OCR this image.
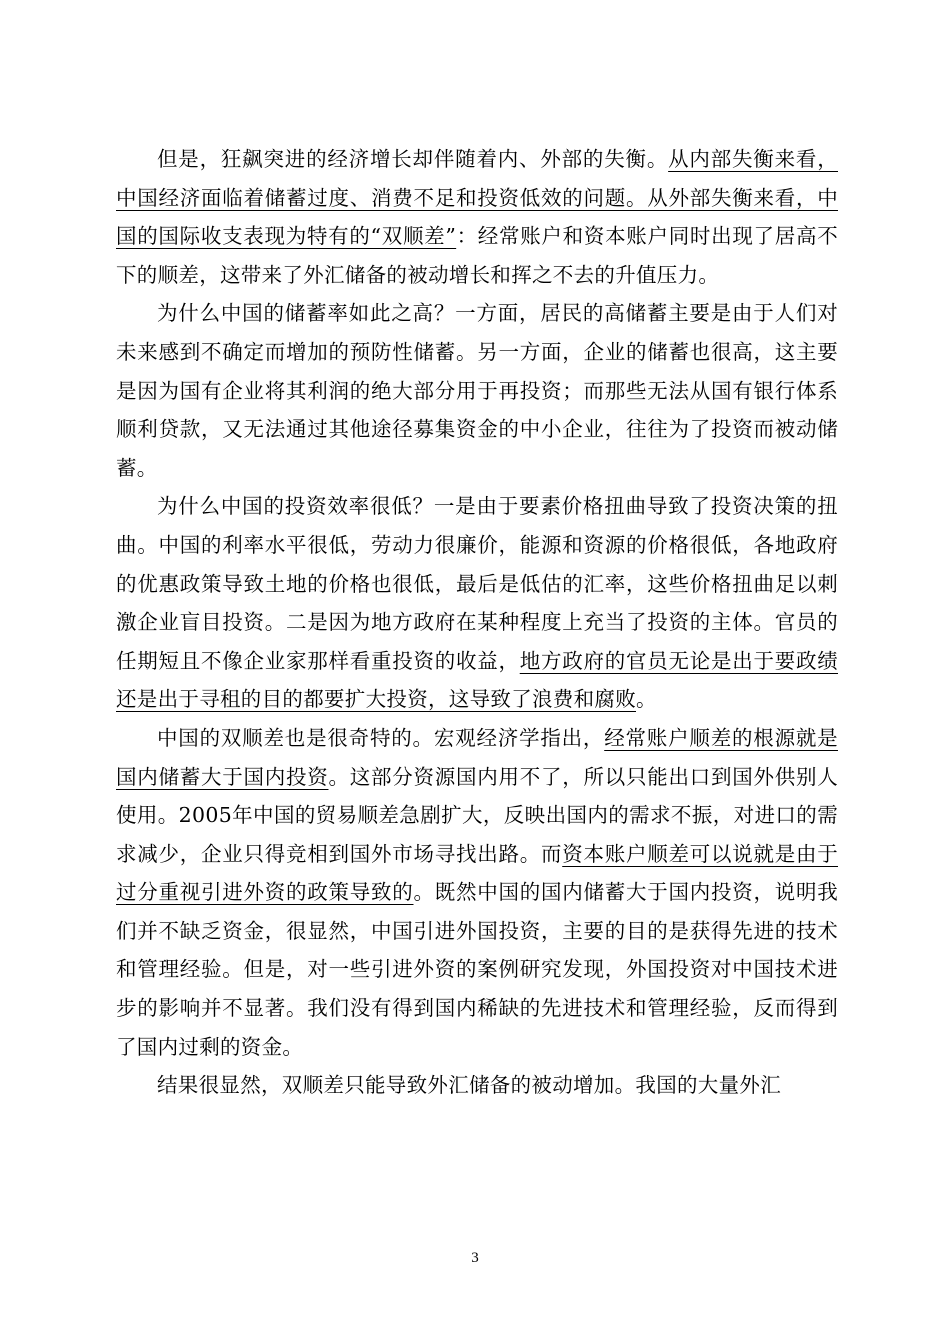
但是，狂飙突进的经济增长却伴随着内、外部的失衡。从内部失衡来看，中国经济面临着储蓄过度、消费不足和投资低效的问题。从外部失衡来看，中国的国际收支表现为特有的“双顺差”：经常账户和资本账户同时出现了居高不下的顺差，这带来了外汇储备的被动增长和挥之不去的升值压力。

为什么中国的储蓄率如此之高？一方面，居民的高储蓄主要是由于人们对未来感到不确定而增加的预防性储蓄。另一方面，企业的储蓄也很高，这主要是因为国有企业将其利润的绝大部分用于再投资；而那些无法从国有银行体系顺利贷款，又无法通过其他途径募集资金的中小企业，往往为了投资而被动储蓄。

为什么中国的投资效率很低？一是由于要素价格扭曲导致了投资决策的扭曲。中国的利率水平很低，劳动力很廉价，能源和资源的价格很低，各地政府的优惠政策导致土地的价格也很低，最后是低估的汇率，这些价格扭曲足以刺激企业盲目投资。二是因为地方政府在某种程度上充当了投资的主体。官员的任期短且不像企业家那样看重投资的收益，地方政府的官员无论是出于要政绩还是出于寻租的目的都要扩大投资，这导致了浪费和腐败。

中国的双顺差也是很奇特的。宏观经济学指出，经常账户顺差的根源就是国内储蓄大于国内投资。这部分资源国内用不了，所以只能出口到国外供别人使用。2005年中国的贸易顺差急剧扩大，反映出国内的需求不振，对进口的需求减少，企业只得竞相到国外市场寻找出路。而资本账户顺差可以说就是由于过分重视引进外资的政策导致的。既然中国的国内储蓄大于国内投资，说明我们并不缺乏资金，很显然，中国引进外国投资，主要的目的是获得先进的技术和管理经验。但是，对一些引进外资的案例研究发现，外国投资对中国技术进步的影响并不显著。我们没有得到国内稀缺的先进技术和管理经验，反而得到了国内过剩的资金。

结果很显然，双顺差只能导致外汇储备的被动增加。我国的大量外汇

3
